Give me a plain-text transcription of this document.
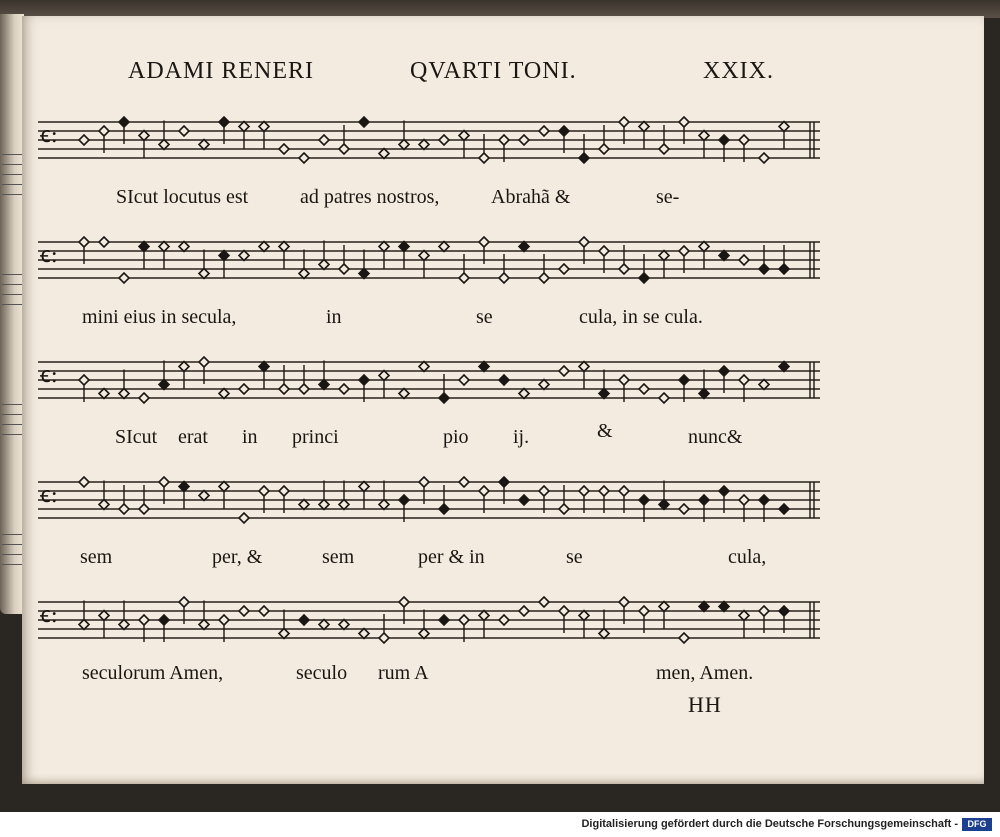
ADAMI RENERI	QVARTI TONI.	XXIX.
ꞓ:
SIcut locutus est	ad patres nostros,	Abrahã &	se-
ꞓ:
mini eius in secula,	in	se	cula, in se cula.
ꞓ:
SIcut erat in princi	pio ij.	&	nunc&
ꞓ:
sem	per, &	sem	per & in	se	cula,
ꞓ:
seculorum Amen,	seculo rum A	men, Amen.
HH
Digitalisierung gefördert durch die Deutsche Forschungsgemeinschaft -	DFG
